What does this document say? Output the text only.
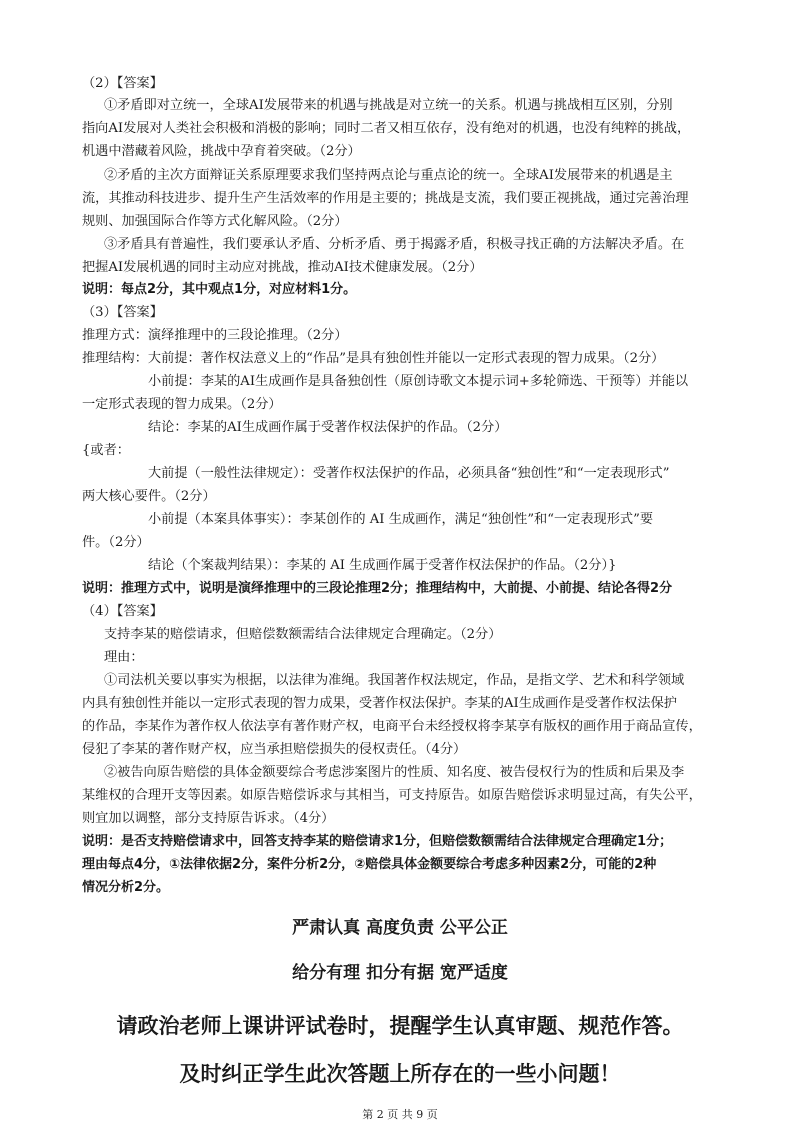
（2）【答案】
①矛盾即对立统一，全球AI发展带来的机遇与挑战是对立统一的关系。机遇与挑战相互区别，分别
指向AI发展对人类社会积极和消极的影响；同时二者又相互依存，没有绝对的机遇，也没有纯粹的挑战，
机遇中潜藏着风险，挑战中孕育着突破。（2分）
②矛盾的主次方面辩证关系原理要求我们坚持两点论与重点论的统一。全球AI发展带来的机遇是主
流，其推动科技进步、提升生产生活效率的作用是主要的；挑战是支流，我们要正视挑战，通过完善治理
规则、加强国际合作等方式化解风险。（2分）
③矛盾具有普遍性，我们要承认矛盾、分析矛盾、勇于揭露矛盾，积极寻找正确的方法解决矛盾。在
把握AI发展机遇的同时主动应对挑战，推动AI技术健康发展。（2分）
说明：每点2分，其中观点1分，对应材料1分。
（3）【答案】
推理方式：演绎推理中的三段论推理。（2分）
推理结构：大前提：著作权法意义上的“作品”是具有独创性并能以一定形式表现的智力成果。（2分）
小前提：李某的AI生成画作是具备独创性（原创诗歌文本提示词+多轮筛选、干预等）并能以
一定形式表现的智力成果。（2分）
结论：李某的AI生成画作属于受著作权法保护的作品。（2分）
{或者：
大前提（一般性法律规定）：受著作权法保护的作品，必须具备“独创性”和“一定表现形式”
两大核心要件。（2分）
小前提（本案具体事实）：李某创作的 AI 生成画作，满足“独创性”和“一定表现形式”要
件。（2分）
结论（个案裁判结果）：李某的 AI 生成画作属于受著作权法保护的作品。（2分）}
说明：推理方式中，说明是演绎推理中的三段论推理2分；推理结构中，大前提、小前提、结论各得2分
（4）【答案】
支持李某的赔偿请求，但赔偿数额需结合法律规定合理确定。（2分）
理由：
①司法机关要以事实为根据，以法律为准绳。我国著作权法规定，作品，是指文学、艺术和科学领域
内具有独创性并能以一定形式表现的智力成果，受著作权法保护。李某的AI生成画作是受著作权法保护
的作品，李某作为著作权人依法享有著作财产权，电商平台未经授权将李某享有版权的画作用于商品宣传，
侵犯了李某的著作财产权，应当承担赔偿损失的侵权责任。（4分）
②被告向原告赔偿的具体金额要综合考虑涉案图片的性质、知名度、被告侵权行为的性质和后果及李
某维权的合理开支等因素。如原告赔偿诉求与其相当，可支持原告。如原告赔偿诉求明显过高，有失公平，
则宜加以调整，部分支持原告诉求。（4分）
说明：是否支持赔偿请求中，回答支持李某的赔偿请求1分，但赔偿数额需结合法律规定合理确定1分；
理由每点4分，①法律依据2分，案件分析2分，②赔偿具体金额要综合考虑多种因素2分，可能的2种
情况分析2分。
严肃认真 高度负责 公平公正
给分有理 扣分有据 宽严适度
请政治老师上课讲评试卷时，提醒学生认真审题、规范作答。
及时纠正学生此次答题上所存在的一些小问题！
第 2 页 共 9 页
